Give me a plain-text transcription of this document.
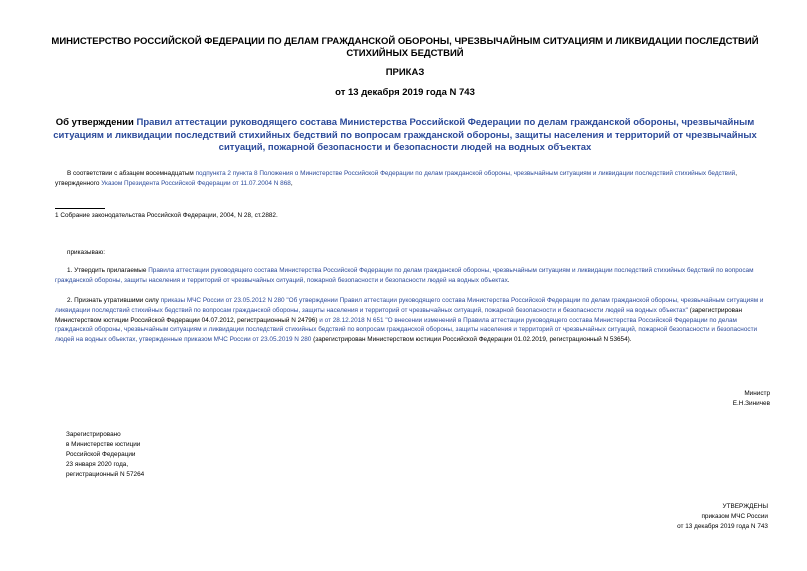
МИНИСТЕРСТВО РОССИЙСКОЙ ФЕДЕРАЦИИ ПО ДЕЛАМ ГРАЖДАНСКОЙ ОБОРОНЫ, ЧРЕЗВЫЧАЙНЫМ СИТУАЦИЯМ И ЛИКВИДАЦИИ ПОСЛЕДСТВИЙ СТИХИЙНЫХ БЕДСТВИЙ

ПРИКАЗ

от 13 декабря 2019 года N 743

Об утверждении Правил аттестации руководящего состава Министерства Российской Федерации по делам гражданской обороны, чрезвычайным ситуациям и ликвидации последствий стихийных бедствий по вопросам гражданской обороны, защиты населения и территорий от чрезвычайных ситуаций, пожарной безопасности и безопасности людей на водных объектах

В соответствии с абзацем восемнадцатым подпункта 2 пункта 8 Положения о Министерстве Российской Федерации по делам гражданской обороны, чрезвычайным ситуациям и ликвидации последствий стихийных бедствий, утвержденного Указом Президента Российской Федерации от 11.07.2004 N 868,

1 Собрание законодательства Российской Федерации, 2004, N 28, ст.2882.

приказываю:

1. Утвердить прилагаемые Правила аттестации руководящего состава Министерства Российской Федерации по делам гражданской обороны, чрезвычайным ситуациям и ликвидации последствий стихийных бедствий по вопросам гражданской обороны, защиты населения и территорий от чрезвычайных ситуаций, пожарной безопасности и безопасности людей на водных объектах.

2. Признать утратившими силу приказы МЧС России от 23.05.2012 N 280 "Об утверждении Правил аттестации руководящего состава Министерства Российской Федерации по делам гражданской обороны, чрезвычайным ситуациям и ликвидации последствий стихийных бедствий по вопросам гражданской обороны, защиты населения и территорий от чрезвычайных ситуаций, пожарной безопасности и безопасности людей на водных объектах" (зарегистрирован Министерством юстиции Российской Федерации 04.07.2012, регистрационный N 24796) и от 28.12.2018 N 651 "О внесении изменений в Правила аттестации руководящего состава Министерства Российской Федерации по делам гражданской обороны, чрезвычайным ситуациям и ликвидации последствий стихийных бедствий по вопросам гражданской обороны, защиты населения и территорий от чрезвычайных ситуаций, пожарной безопасности и безопасности людей на водных объектах, утвержденные приказом МЧС России от 23.05.2019 N 280 (зарегистрирован Министерством юстиции Российской Федерации 01.02.2019, регистрационный N 53654).

Министр

Е.Н.Зиничев

Зарегистрировано

в Министерстве юстиции

Российской Федерации

23 января 2020 года,

регистрационный N 57264

УТВЕРЖДЕНЫ

приказом МЧС России

от 13 декабря 2019 года N 743
